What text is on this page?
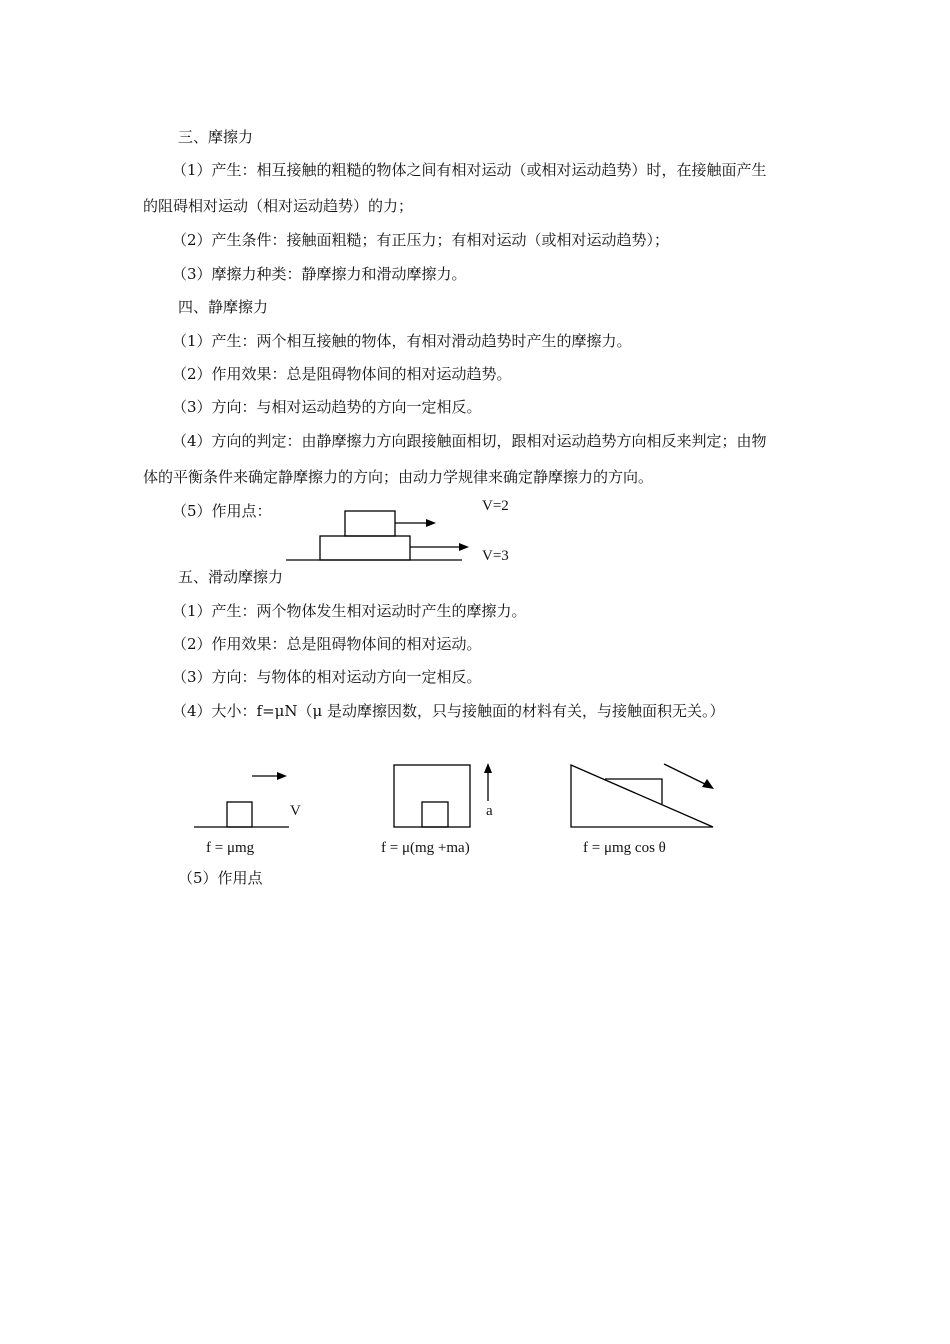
三、摩擦力
（1）产生：相互接触的粗糙的物体之间有相对运动（或相对运动趋势）时，在接触面产生
的阻碍相对运动（相对运动趋势）的力；
（2）产生条件：接触面粗糙；有正压力；有相对运动（或相对运动趋势）；
（3）摩擦力种类：静摩擦力和滑动摩擦力。
四、静摩擦力
（1）产生：两个相互接触的物体，有相对滑动趋势时产生的摩擦力。
（2）作用效果：总是阻碍物体间的相对运动趋势。
（3）方向：与相对运动趋势的方向一定相反。
（4）方向的判定：由静摩擦力方向跟接触面相切，跟相对运动趋势方向相反来判定；由物
体的平衡条件来确定静摩擦力的方向；由动力学规律来确定静摩擦力的方向。
（5）作用点：	V=2
V=3
五、滑动摩擦力
（1）产生：两个物体发生相对运动时产生的摩擦力。
（2）作用效果：总是阻碍物体间的相对运动。
（3）方向：与物体的相对运动方向一定相反。
（4）大小：f=μN（μ 是动摩擦因数，只与接触面的材料有关，与接触面积无关。）
V
f = μmg
a
f = μ(mg +ma)	f = μmg cos θ
（5）作用点
